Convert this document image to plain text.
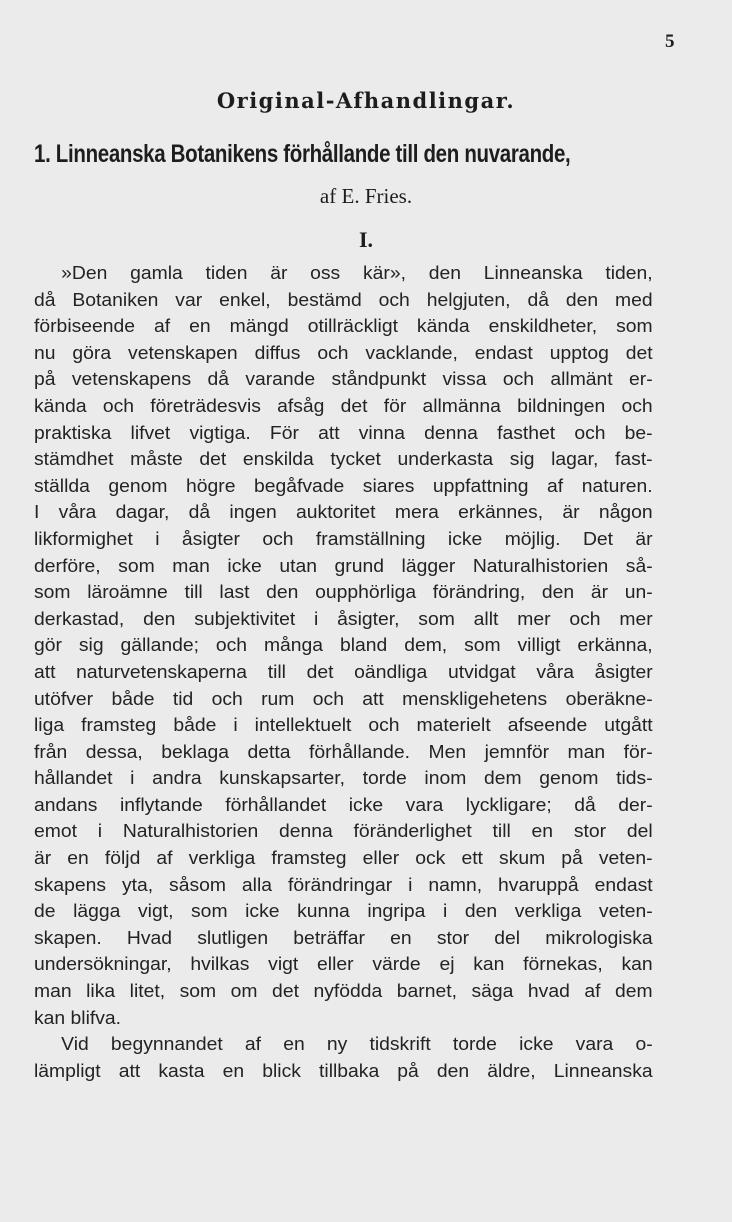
5
Original-Afhandlingar.
1. Linneanska Botanikens förhållande till den nuvarande,
af E. Fries.
I.
»Den gamla tiden är oss kär», den Linneanska tiden,
då Botaniken var enkel, bestämd och helgjuten, då den med
förbiseende af en mängd otillräckligt kända enskildheter, som
nu göra vetenskapen diffus och vacklande, endast upptog det
på vetenskapens då varande ståndpunkt vissa och allmänt er-
kända och företrädesvis afsåg det för allmänna bildningen och
praktiska lifvet vigtiga. För att vinna denna fasthet och be-
stämdhet måste det enskilda tycket underkasta sig lagar, fast-
ställda genom högre begåfvade siares uppfattning af naturen.
I våra dagar, då ingen auktoritet mera erkännes, är någon
likformighet i åsigter och framställning icke möjlig. Det är
derföre, som man icke utan grund lägger Naturalhistorien så-
som läroämne till last den oupphörliga förändring, den är un-
derkastad, den subjektivitet i åsigter, som allt mer och mer
gör sig gällande; och många bland dem, som villigt erkänna,
att naturvetenskaperna till det oändliga utvidgat våra åsigter
utöfver både tid och rum och att menskligehetens oberäkne-
liga framsteg både i intellektuelt och materielt afseende utgått
från dessa, beklaga detta förhållande. Men jemnför man för-
hållandet i andra kunskapsarter, torde inom dem genom tids-
andans inflytande förhållandet icke vara lyckligare; då der-
emot i Naturalhistorien denna föränderlighet till en stor del
är en följd af verkliga framsteg eller ock ett skum på veten-
skapens yta, såsom alla förändringar i namn, hvaruppå endast
de lägga vigt, som icke kunna ingripa i den verkliga veten-
skapen. Hvad slutligen beträffar en stor del mikrologiska
undersökningar, hvilkas vigt eller värde ej kan förnekas, kan
man lika litet, som om det nyfödda barnet, säga hvad af dem
kan blifva.
Vid begynnandet af en ny tidskrift torde icke vara o-
lämpligt att kasta en blick tillbaka på den äldre, Linneanska
